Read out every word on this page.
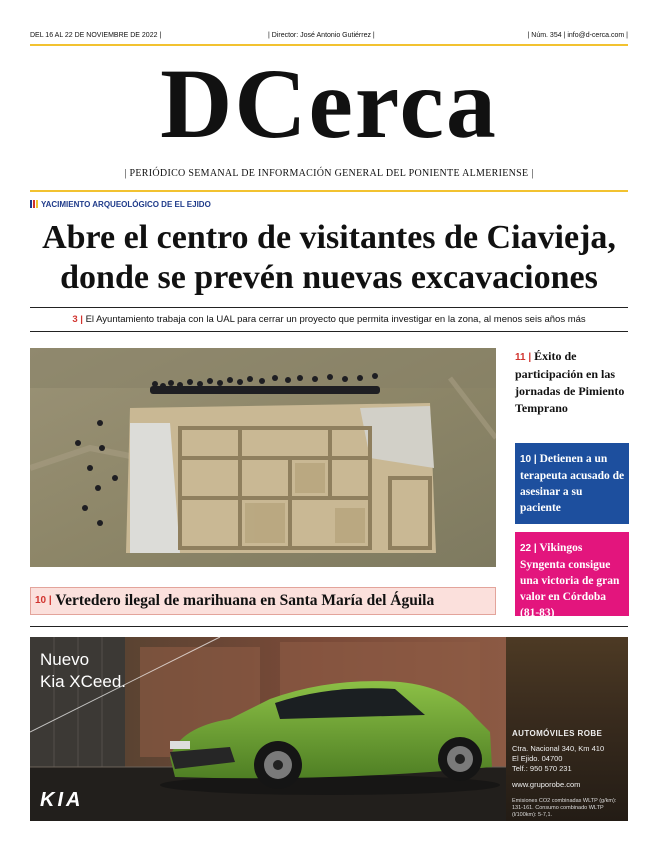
DEL 16 AL 22 DE NOVIEMBRE DE 2022 |	| Director: José Antonio Gutiérrez |	| Núm. 354 | info@d-cerca.com |
DCerca
| PERIÓDICO SEMANAL DE INFORMACIÓN GENERAL DEL PONIENTE ALMERIENSE |
YACIMIENTO ARQUEOLÓGICO DE EL EJIDO
Abre el centro de visitantes de Ciavieja,
donde se prevén nuevas excavaciones
3 | El Ayuntamiento trabaja con la UAL para cerrar un proyecto que permita investigar en la zona, al menos seis años más
11 | Éxito de participación en las jornadas de Pimiento Temprano
10 | Detienen a un terapeuta acusado de asesinar a su paciente
22 | Vikingos Syngenta consigue una victoria de gran valor en Córdoba (81-83)
10 | Vertedero ilegal de marihuana en Santa María del Águila
Nuevo
Kia XCeed.
KIA
AUTOMÓVILES ROBE
Ctra. Nacional 340, Km 410
El Ejido. 04700
Telf.: 950 570 231
www.gruporobe.com
Emisiones CO2 combinadas WLTP (g/km): 131-161. Consumo combinado WLTP (l/100km): 5-7,1.
